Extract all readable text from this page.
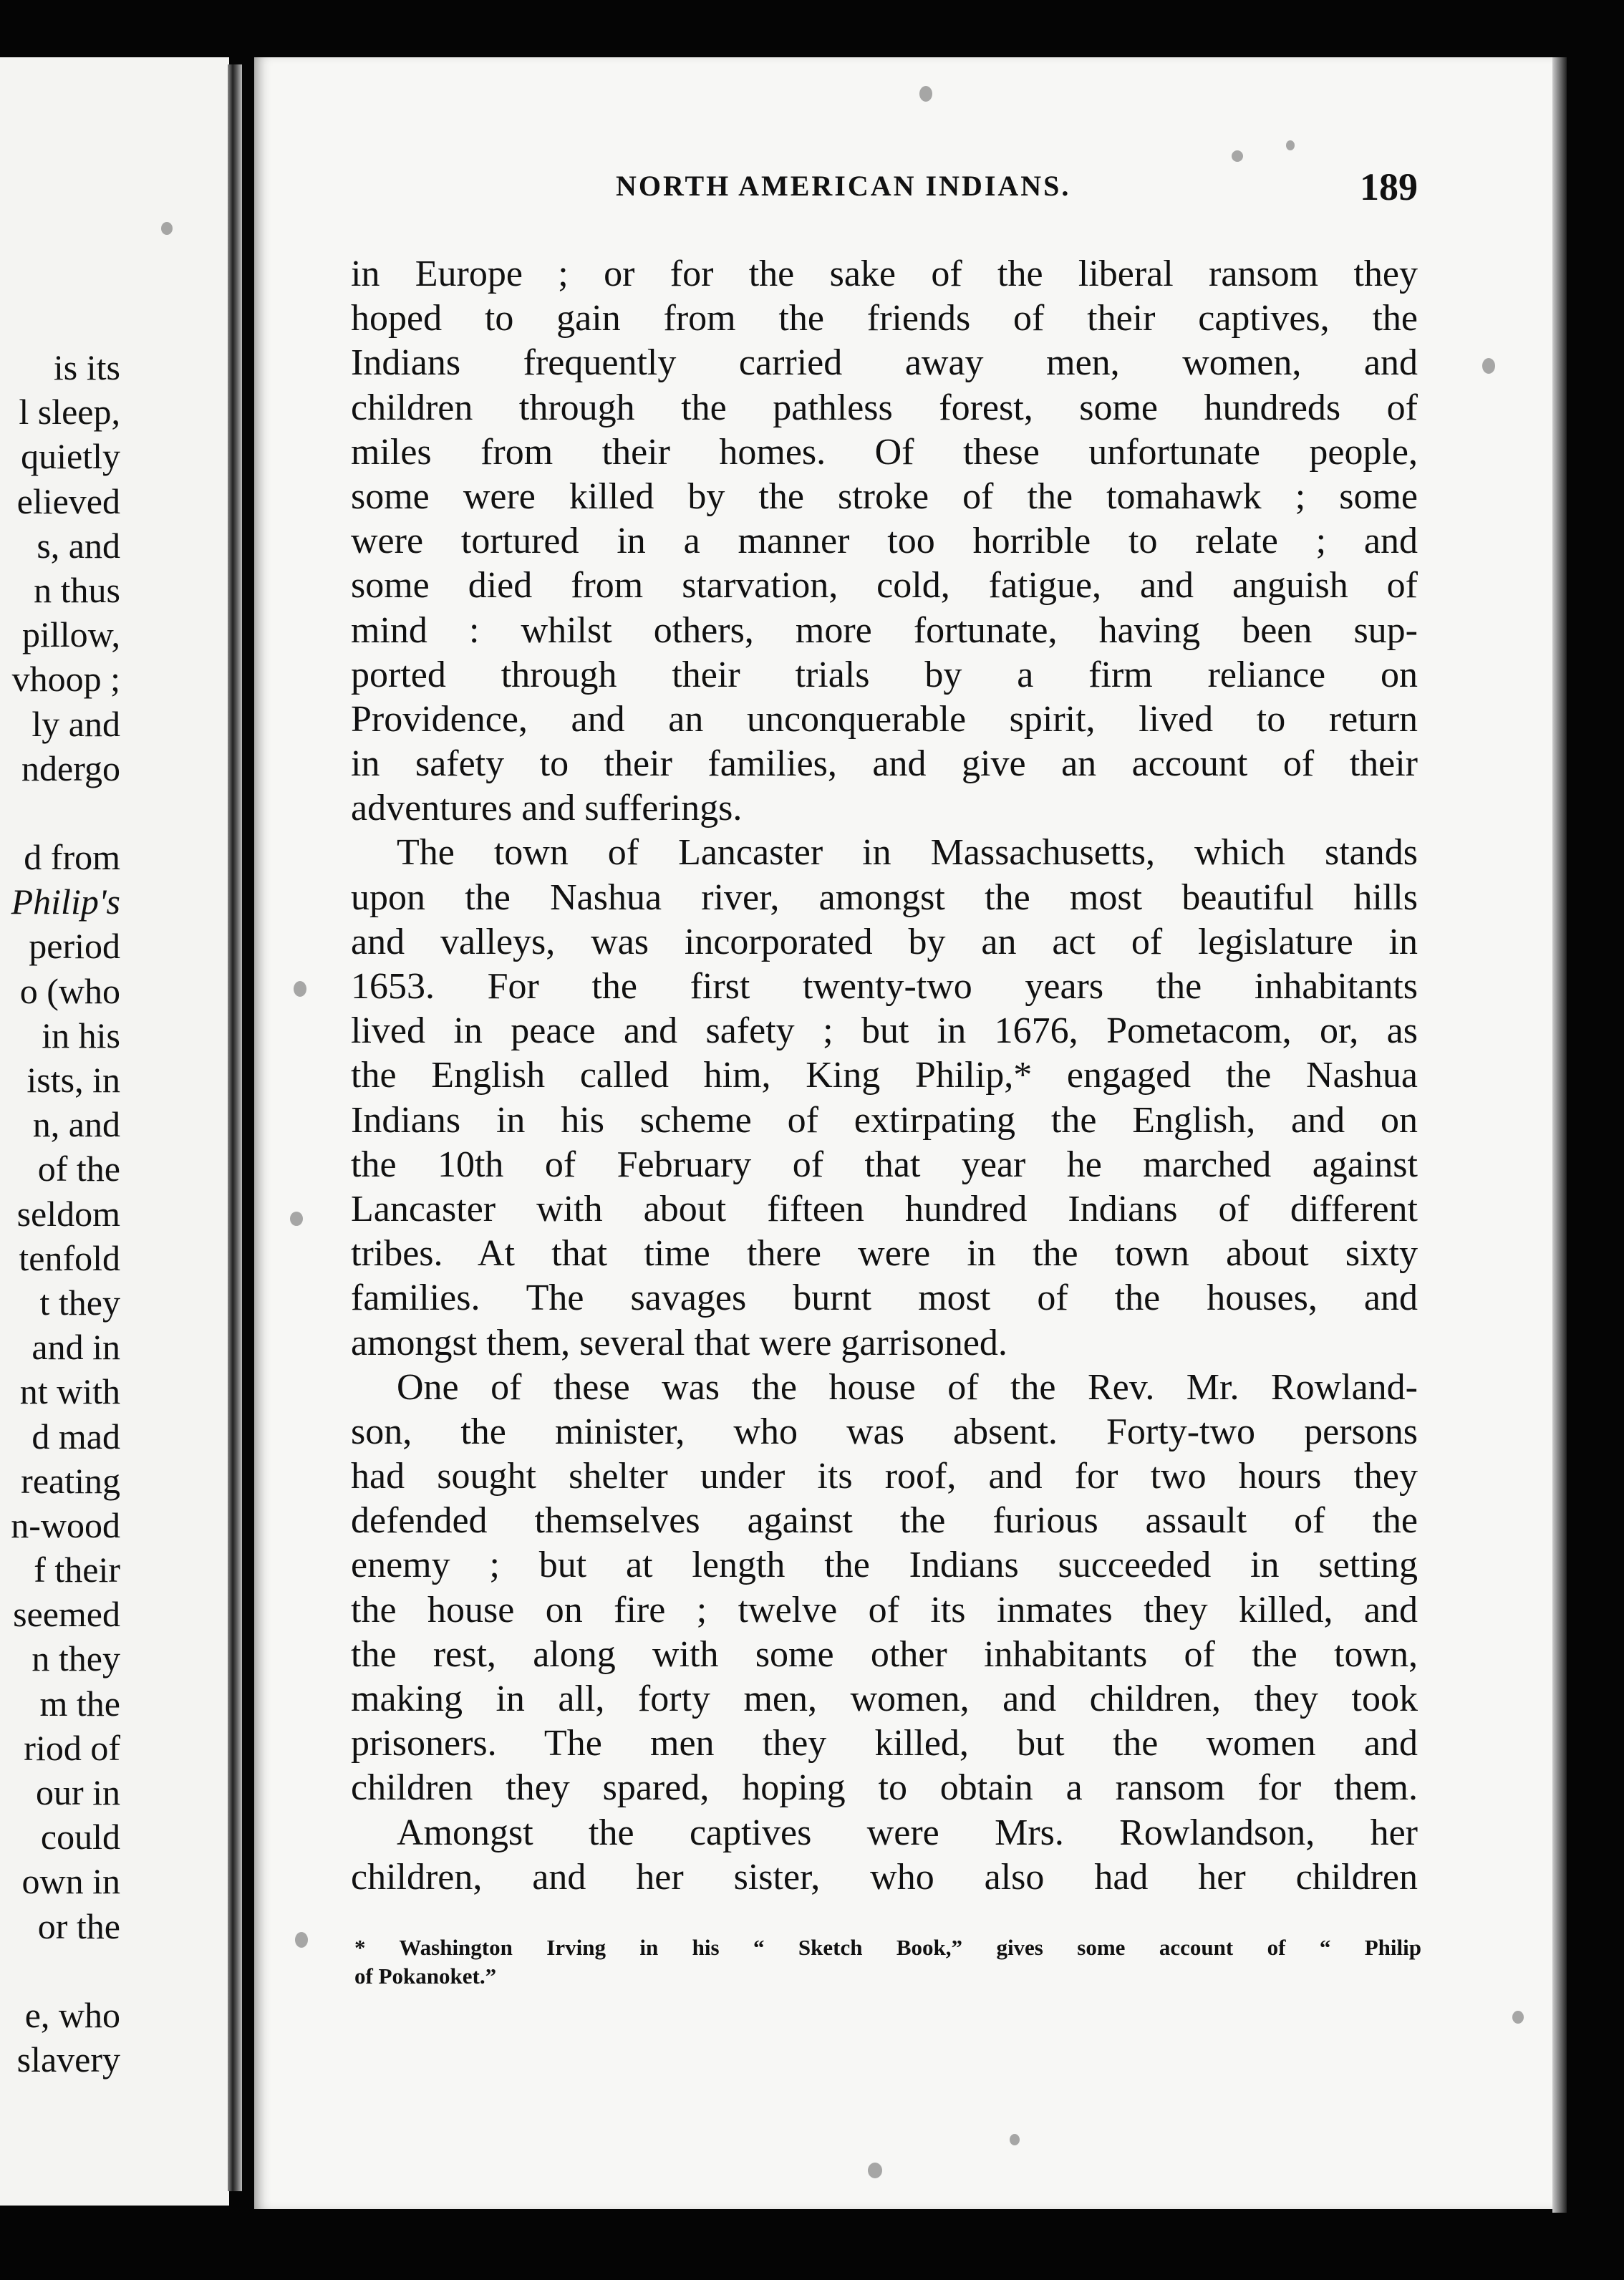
is its
l sleep,
quietly
elieved
s, and
n thus
pillow,
vhoop ;
ly and
ndergo
d from
Philip's
period
o (who
in his
ists, in
n, and
of the
seldom
tenfold
t they
and in
nt with
d mad
reating
n-wood
f their
seemed
n they
m the
riod of
our in
could
own in
or the
e, who
slavery
NORTH AMERICAN INDIANS.	189
in Europe ; or for the sake of the liberal ransom they
hoped to gain from the friends of their captives, the
Indians frequently carried away men, women, and
children through the pathless forest, some hundreds of
miles from their homes. Of these unfortunate people,
some were killed by the stroke of the tomahawk ; some
were tortured in a manner too horrible to relate ; and
some died from starvation, cold, fatigue, and anguish of
mind : whilst others, more fortunate, having been sup-
ported through their trials by a firm reliance on
Providence, and an unconquerable spirit, lived to return
in safety to their families, and give an account of their
adventures and sufferings.
The town of Lancaster in Massachusetts, which stands
upon the Nashua river, amongst the most beautiful hills
and valleys, was incorporated by an act of legislature in
1653. For the first twenty-two years the inhabitants
lived in peace and safety ; but in 1676, Pometacom, or, as
the English called him, King Philip,* engaged the Nashua
Indians in his scheme of extirpating the English, and on
the 10th of February of that year he marched against
Lancaster with about fifteen hundred Indians of different
tribes. At that time there were in the town about sixty
families. The savages burnt most of the houses, and
amongst them, several that were garrisoned.
One of these was the house of the Rev. Mr. Rowland-
son, the minister, who was absent. Forty-two persons
had sought shelter under its roof, and for two hours they
defended themselves against the furious assault of the
enemy ; but at length the Indians succeeded in setting
the house on fire ; twelve of its inmates they killed, and
the rest, along with some other inhabitants of the town,
making in all, forty men, women, and children, they took
prisoners. The men they killed, but the women and
children they spared, hoping to obtain a ransom for them.
Amongst the captives were Mrs. Rowlandson, her
children, and her sister, who also had her children
* Washington Irving in his “ Sketch Book,” gives some account of “ Philip
of Pokanoket.”
